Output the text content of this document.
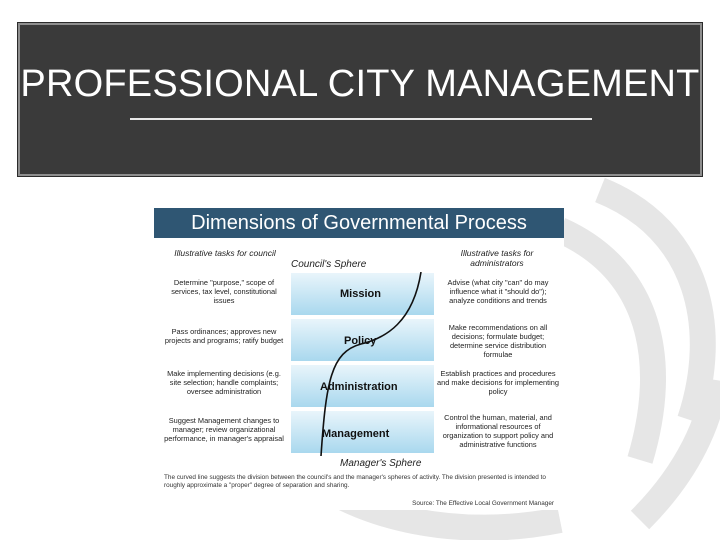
PROFESSIONAL CITY MANAGEMENT
Dimensions of Governmental Process
Illustrative tasks for council	Illustrative tasks for administrators
Council's Sphere
Mission
Policy
Administration
Management
Manager's Sphere
Determine "purpose," scope of services, tax level, constitutional issues
Pass ordinances; approves new projects and programs; ratify budget
Make implementing decisions (e.g. site selection; handle complaints; oversee administration
Suggest Management changes to manager; review organizational performance, in manager's appraisal
Advise (what city "can" do may influence what it "should do"); analyze conditions and trends
Make recommendations on all decisions; formulate budget; determine service distribution formulae
Establish practices and procedures and make decisions for implementing policy
Control the human, material, and informational resources of organization to support policy and administrative functions
The curved line suggests the division between the council's and the manager's spheres of activity. The division presented is intended to roughly approximate a "proper" degree of separation and sharing.
Source: The Effective Local Government Manager
